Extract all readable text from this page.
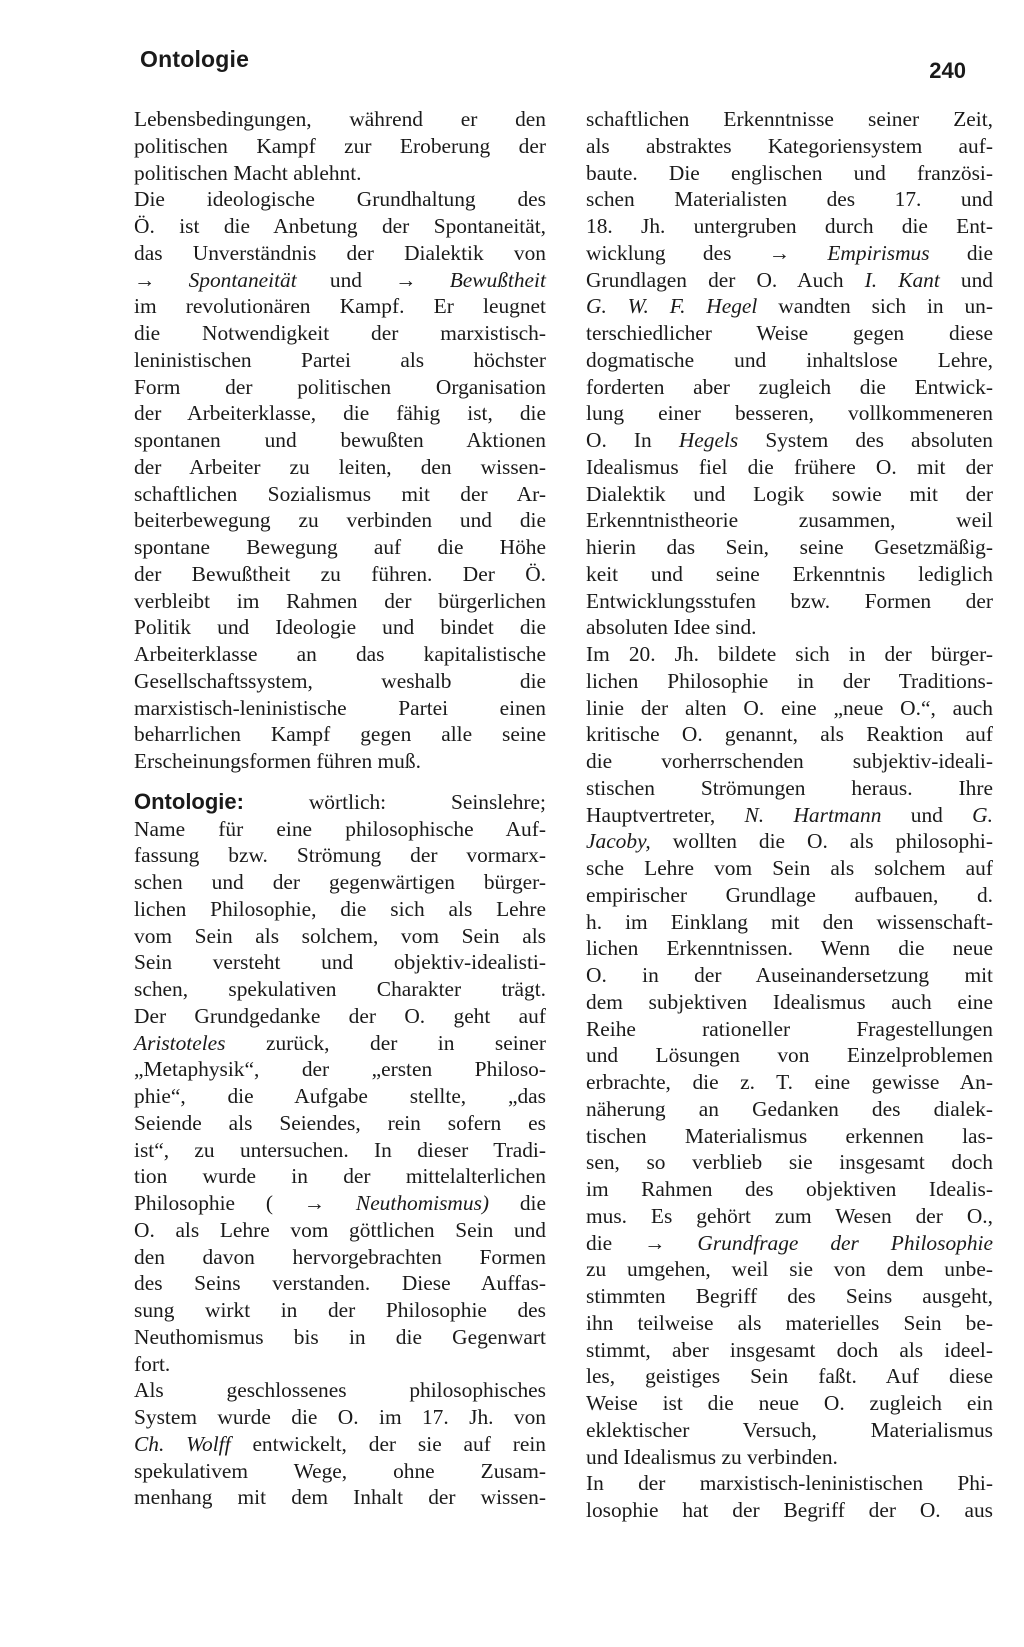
Ontologie	240
Lebensbedingungen, während er den
politischen Kampf zur Eroberung der
politischen Macht ablehnt.
Die ideologische Grundhaltung des
Ö. ist die Anbetung der Spontaneität,
das Unverständnis der Dialektik von
→ Spontaneität und → Bewußtheit
im revolutionären Kampf. Er leugnet
die Notwendigkeit der marxistisch-
leninistischen Partei als höchster
Form der politischen Organisation
der Arbeiterklasse, die fähig ist, die
spontanen und bewußten Aktionen
der Arbeiter zu leiten, den wissen-
schaftlichen Sozialismus mit der Ar-
beiterbewegung zu verbinden und die
spontane Bewegung auf die Höhe
der Bewußtheit zu führen. Der Ö.
verbleibt im Rahmen der bürgerlichen
Politik und Ideologie und bindet die
Arbeiterklasse an das kapitalistische
Gesellschaftssystem, weshalb die
marxistisch-leninistische Partei einen
beharrlichen Kampf gegen alle seine
Erscheinungsformen führen muß.
Ontologie:	wörtlich: Seinslehre;
Name für eine philosophische Auf-
fassung bzw. Strömung der vormarx-
schen und der gegenwärtigen bürger-
lichen Philosophie, die sich als Lehre
vom Sein als solchem, vom Sein als
Sein versteht und objektiv-idealisti-
schen, spekulativen Charakter trägt.
Der Grundgedanke der O. geht auf
Aristoteles zurück, der in seiner
„Metaphysik“, der „ersten Philoso-
phie“, die Aufgabe stellte, „das
Seiende als Seiendes, rein sofern es
ist“, zu untersuchen. In dieser Tradi-
tion wurde in der mittelalterlichen
Philosophie ( → Neuthomismus) die
O. als Lehre vom göttlichen Sein und
den davon hervorgebrachten Formen
des Seins verstanden. Diese Auffas-
sung wirkt in der Philosophie des
Neuthomismus bis in die Gegenwart
fort.
Als geschlossenes philosophisches
System wurde die O. im 17. Jh. von
Ch. Wolff entwickelt, der sie auf rein
spekulativem Wege, ohne Zusam-
menhang mit dem Inhalt der wissen-
schaftlichen Erkenntnisse seiner Zeit,
als abstraktes Kategoriensystem auf-
baute. Die englischen und französi-
schen Materialisten des 17. und
18. Jh. untergruben durch die Ent-
wicklung des → Empirismus die
Grundlagen der O. Auch I. Kant und
G. W. F. Hegel wandten sich in un-
terschiedlicher Weise gegen diese
dogmatische und inhaltslose Lehre,
forderten aber zugleich die Entwick-
lung einer besseren, vollkommeneren
O. In Hegels System des absoluten
Idealismus fiel die frühere O. mit der
Dialektik und Logik sowie mit der
Erkenntnistheorie zusammen, weil
hierin das Sein, seine Gesetzmäßig-
keit und seine Erkenntnis lediglich
Entwicklungsstufen bzw. Formen der
absoluten Idee sind.
Im 20. Jh. bildete sich in der bürger-
lichen Philosophie in der Traditions-
linie der alten O. eine „neue O.“, auch
kritische O. genannt, als Reaktion auf
die vorherrschenden subjektiv-ideali-
stischen Strömungen heraus. Ihre
Hauptvertreter, N. Hartmann und G.
Jacoby, wollten die O. als philosophi-
sche Lehre vom Sein als solchem auf
empirischer Grundlage aufbauen, d.
h. im Einklang mit den wissenschaft-
lichen Erkenntnissen. Wenn die neue
O. in der Auseinandersetzung mit
dem subjektiven Idealismus auch eine
Reihe rationeller Fragestellungen
und Lösungen von Einzelproblemen
erbrachte, die z. T. eine gewisse An-
näherung an Gedanken des dialek-
tischen Materialismus erkennen las-
sen, so verblieb sie insgesamt doch
im Rahmen des objektiven Idealis-
mus. Es gehört zum Wesen der O.,
die → Grundfrage der Philosophie
zu umgehen, weil sie von dem unbe-
stimmten Begriff des Seins ausgeht,
ihn teilweise als materielles Sein be-
stimmt, aber insgesamt doch als ideel-
les, geistiges Sein faßt. Auf diese
Weise ist die neue O. zugleich ein
eklektischer Versuch, Materialismus
und Idealismus zu verbinden.
In der marxistisch-leninistischen Phi-
losophie hat der Begriff der O. aus
